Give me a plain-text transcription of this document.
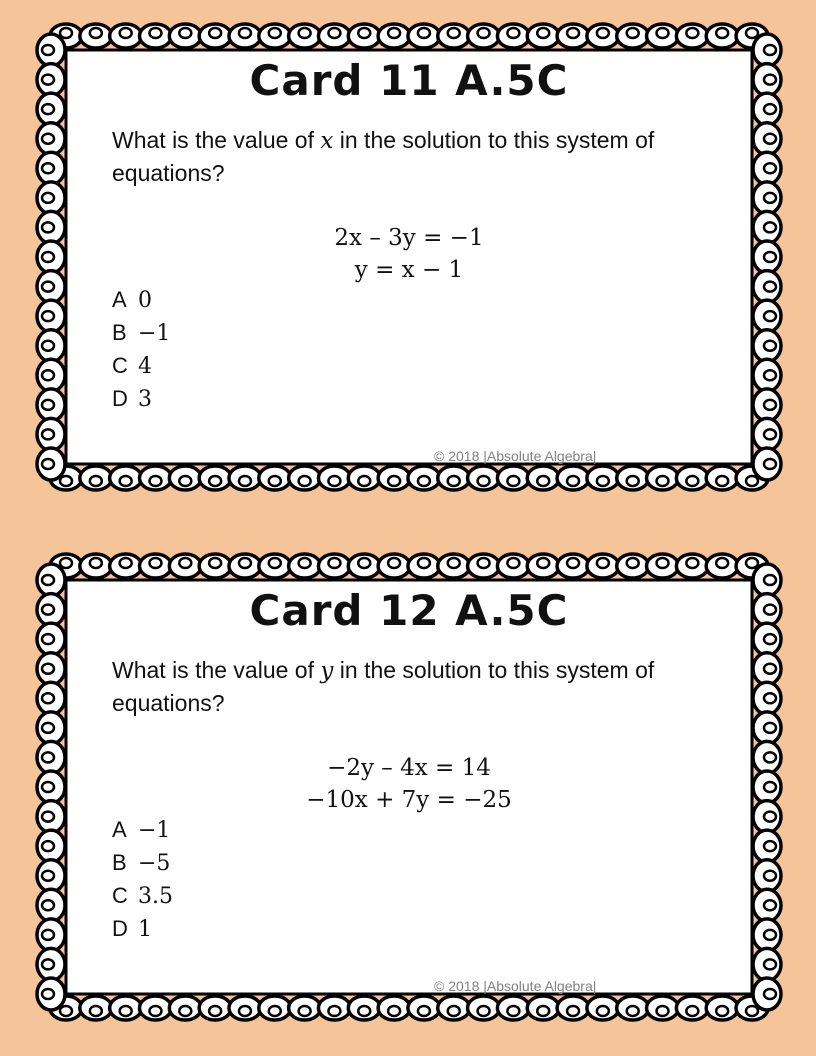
Card 11 A.5C
What is the value of x in the solution to this system of equations?
2x – 3y = −1
y = x − 1
A 0
B −1
C 4
D 3
© 2018 |Absolute Algebra|
Card 12 A.5C
What is the value of y in the solution to this system of equations?
−2y – 4x = 14
−10x + 7y = −25
A −1
B −5
C 3.5
D 1
© 2018 |Absolute Algebra|
